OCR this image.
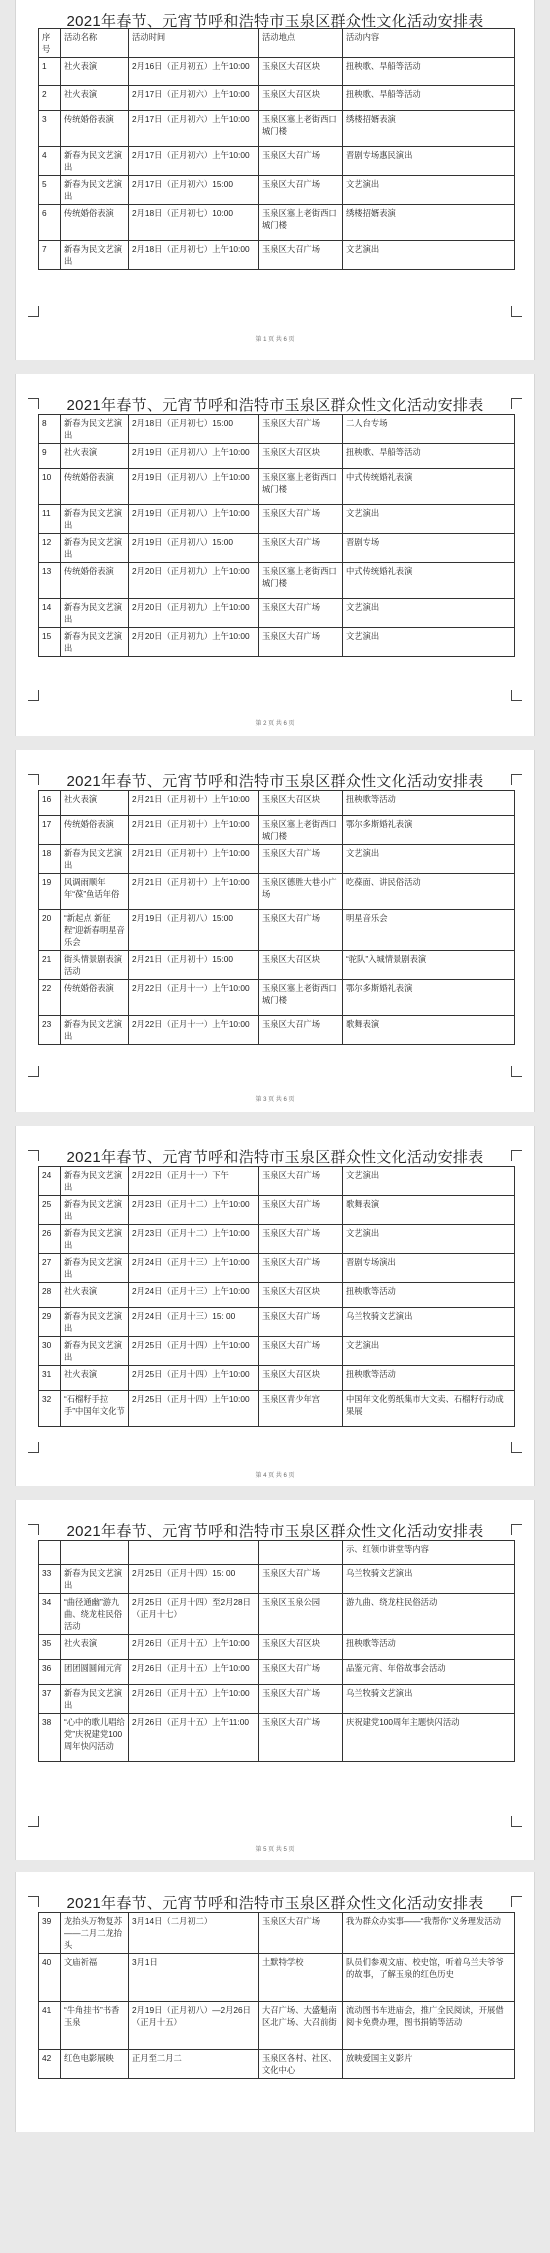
2021年春节、元宵节呼和浩特市玉泉区群众性文化活动安排表
序号	活动名称	活动时间	活动地点	活动内容
1	社火表演	2月16日（正月初五）上午10:00	玉泉区大召区块	扭秧歌、旱船等活动
2	社火表演	2月17日（正月初六）上午10:00	玉泉区大召区块	扭秧歌、旱船等活动
3	传统婚俗表演	2月17日（正月初六）上午10:00	玉泉区塞上老街西口城门楼	绣楼招婿表演
4	新春为民文艺演出	2月17日（正月初六）上午10:00	玉泉区大召广场	晋剧专场惠民演出
5	新春为民文艺演出	2月17日（正月初六）15:00	玉泉区大召广场	文艺演出
6	传统婚俗表演	2月18日（正月初七）10:00	玉泉区塞上老街西口城门楼	绣楼招婿表演
7	新春为民文艺演出	2月18日（正月初七）上午10:00	玉泉区大召广场	文艺演出
第 1 页 共 6 页
2021年春节、元宵节呼和浩特市玉泉区群众性文化活动安排表
8	新春为民文艺演出	2月18日（正月初七）15:00	玉泉区大召广场	二人台专场
9	社火表演	2月19日（正月初八）上午10:00	玉泉区大召区块	扭秧歌、旱船等活动
10	传统婚俗表演	2月19日（正月初八）上午10:00	玉泉区塞上老街西口城门楼	中式传统婚礼表演
11	新春为民文艺演出	2月19日（正月初八）上午10:00	玉泉区大召广场	文艺演出
12	新春为民文艺演出	2月19日（正月初八）15:00	玉泉区大召广场	晋剧专场
13	传统婚俗表演	2月20日（正月初九）上午10:00	玉泉区塞上老街西口城门楼	中式传统婚礼表演
14	新春为民文艺演出	2月20日（正月初九）上午10:00	玉泉区大召广场	文艺演出
15	新春为民文艺演出	2月20日（正月初九）上午10:00	玉泉区大召广场	文艺演出
第 2 页 共 6 页
2021年春节、元宵节呼和浩特市玉泉区群众性文化活动安排表
16	社火表演	2月21日（正月初十）上午10:00	玉泉区大召区块	扭秧歌等活动
17	传统婚俗表演	2月21日（正月初十）上午10:00	玉泉区塞上老街西口城门楼	鄂尔多斯婚礼表演
18	新春为民文艺演出	2月21日（正月初十）上午10:00	玉泉区大召广场	文艺演出
19	风调雨顺年年“葆”鱼话年俗	2月21日（正月初十）上午10:00	玉泉区德胜大巷小广场	吃葆面、讲民俗活动
20	“新起点 新征程”迎新春明星音乐会	2月19日（正月初八）15:00	玉泉区大召广场	明星音乐会
21	街头情景剧表演活动	2月21日（正月初十）15:00	玉泉区大召区块	“驼队”入城情景剧表演
22	传统婚俗表演	2月22日（正月十一）上午10:00	玉泉区塞上老街西口城门楼	鄂尔多斯婚礼表演
23	新春为民文艺演出	2月22日（正月十一）上午10:00	玉泉区大召广场	歌舞表演
第 3 页 共 6 页
2021年春节、元宵节呼和浩特市玉泉区群众性文化活动安排表
24	新春为民文艺演出	2月22日（正月十一）下午	玉泉区大召广场	文艺演出
25	新春为民文艺演出	2月23日（正月十二）上午10:00	玉泉区大召广场	歌舞表演
26	新春为民文艺演出	2月23日（正月十二）上午10:00	玉泉区大召广场	文艺演出
27	新春为民文艺演出	2月24日（正月十三）上午10:00	玉泉区大召广场	晋剧专场演出
28	社火表演	2月24日（正月十三）上午10:00	玉泉区大召区块	扭秧歌等活动
29	新春为民文艺演出	2月24日（正月十三）15: 00	玉泉区大召广场	乌兰牧骑文艺演出
30	新春为民文艺演出	2月25日（正月十四）上午10:00	玉泉区大召广场	文艺演出
31	社火表演	2月25日（正月十四）上午10:00	玉泉区大召区块	扭秧歌等活动
32	“石榴籽手拉手”中国年文化节	2月25日（正月十四）上午10:00	玉泉区青少年宫	中国年文化剪纸集市大文卖、石榴籽行动成果展
第 4 页 共 6 页
2021年春节、元宵节呼和浩特市玉泉区群众性文化活动安排表
				示、红领巾讲堂等内容
33	新春为民文艺演出	2月25日（正月十四）15: 00	玉泉区大召广场	乌兰牧骑文艺演出
34	“曲径通幽”游九曲、绕龙柱民俗活动	2月25日（正月十四）至2月28日（正月十七）	玉泉区玉泉公园	游九曲、绕龙柱民俗活动
35	社火表演	2月26日（正月十五）上午10:00	玉泉区大召区块	扭秧歌等活动
36	团团圆圆闹元宵	2月26日（正月十五）上午10:00	玉泉区大召广场	品鉴元宵、年俗故事会活动
37	新春为民文艺演出	2月26日（正月十五）上午10:00	玉泉区大召广场	乌兰牧骑文艺演出
38	“心中的歌儿唱给党”庆祝建党100周年快闪活动	2月26日（正月十五）上午11:00	玉泉区大召广场	庆祝建党100周年主题快闪活动
第 5 页 共 5 页
2021年春节、元宵节呼和浩特市玉泉区群众性文化活动安排表
39	龙抬头万物复苏——二月二龙抬头	3月14日（二月初二）	玉泉区大召广场	我为群众办实事——“我帮你”义务理发活动
40	文庙祈福	3月1日	土默特学校	队员们参观文庙、校史馆，听着乌兰夫爷爷的故事，了解玉泉的红色历史
41	“牛角挂书”书香玉泉	2月19日（正月初八）—2月26日（正月十五）	大召广场、大盛魁南区北广场、大召前街	流动图书车进庙会，推广全民阅读，开展借阅卡免费办理，图书捐销等活动
42	红色电影展映	正月至二月二	玉泉区各村、社区、文化中心	放映爱国主义影片
